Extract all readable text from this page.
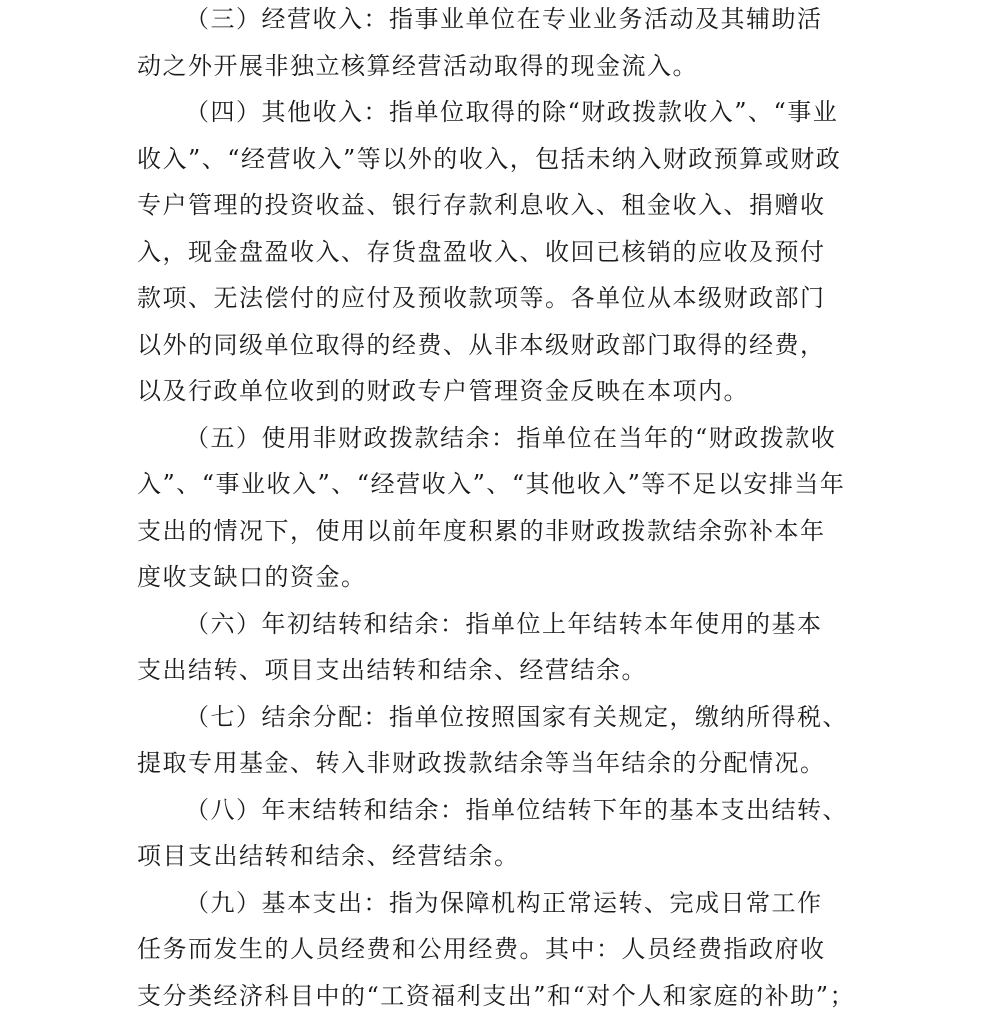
（三）经营收入：指事业单位在专业业务活动及其辅助活
动之外开展非独立核算经营活动取得的现金流入。
（四）其他收入：指单位取得的除“财政拨款收入”、“事业
收入”、“经营收入”等以外的收入，包括未纳入财政预算或财政
专户管理的投资收益、银行存款利息收入、租金收入、捐赠收
入，现金盘盈收入、存货盘盈收入、收回已核销的应收及预付
款项、无法偿付的应付及预收款项等。各单位从本级财政部门
以外的同级单位取得的经费、从非本级财政部门取得的经费，
以及行政单位收到的财政专户管理资金反映在本项内。
（五）使用非财政拨款结余：指单位在当年的“财政拨款收
入”、“事业收入”、“经营收入”、“其他收入”等不足以安排当年
支出的情况下，使用以前年度积累的非财政拨款结余弥补本年
度收支缺口的资金。
（六）年初结转和结余：指单位上年结转本年使用的基本
支出结转、项目支出结转和结余、经营结余。
（七）结余分配：指单位按照国家有关规定，缴纳所得税、
提取专用基金、转入非财政拨款结余等当年结余的分配情况。
（八）年末结转和结余：指单位结转下年的基本支出结转、
项目支出结转和结余、经营结余。
（九）基本支出：指为保障机构正常运转、完成日常工作
任务而发生的人员经费和公用经费。其中：人员经费指政府收
支分类经济科目中的“工资福利支出”和“对个人和家庭的补助”；
